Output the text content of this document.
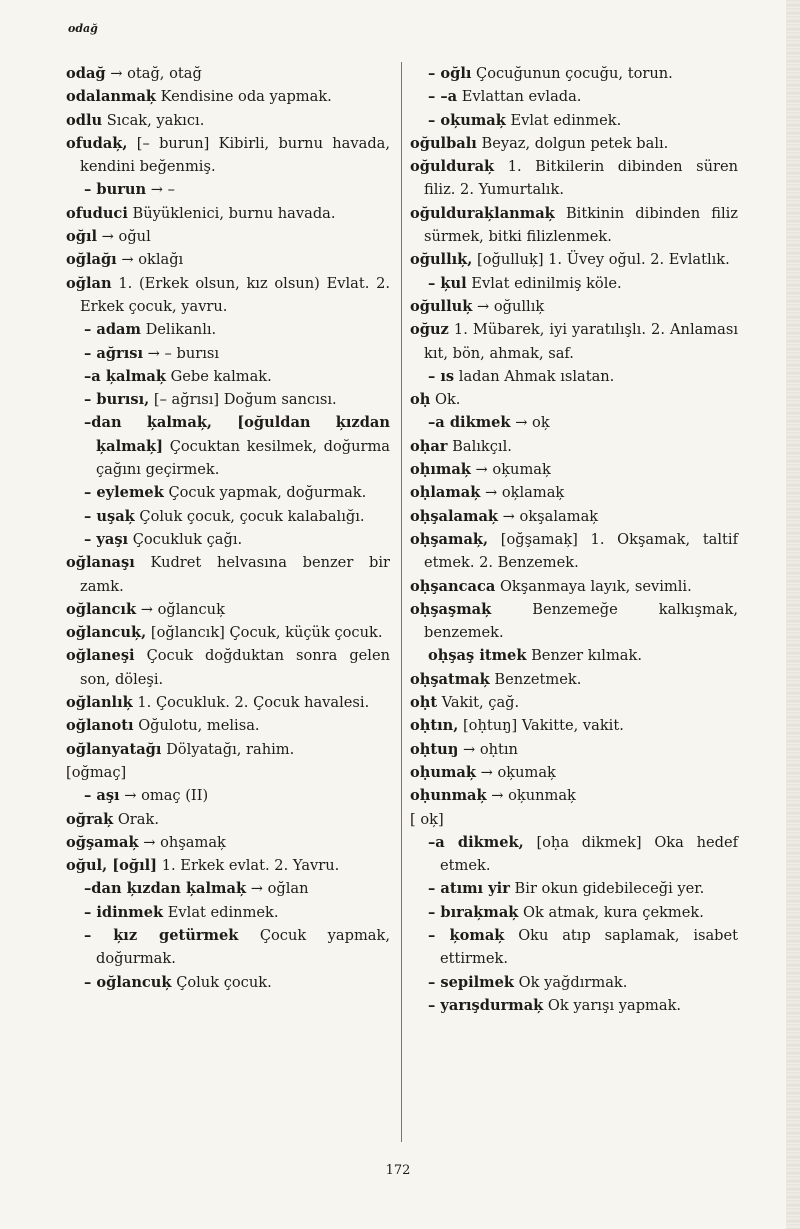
odağ
odağ → otağ, otağ
odalanmaķ Kendisine oda yapmak.
odlu Sıcak, yakıcı.
ofudaķ, [– burun] Kibirli, burnu havada, kendini beğenmiş.
– burun → –
ofuduci Büyüklenici, burnu havada.
oğıl → oğul
oğlağı → oklağı
oğlan 1. (Erkek olsun, kız olsun) Evlat. 2. Erkek çocuk, yavru.
– adam Delikanlı.
– ağrısı → – burısı
–a ķalmaķ Gebe kalmak.
– burısı, [– ağrısı] Doğum sancısı.
–dan ķalmaķ, [oğuldan ķızdan ķalmaķ] Çocuktan kesilmek, doğurma çağını geçirmek.
– eylemek Çocuk yapmak, doğurmak.
– uşaķ Çoluk çocuk, çocuk kalabalığı.
– yaşı Çocukluk çağı.
oğlanaşı Kudret helvasına benzer bir zamk.
oğlancık → oğlancuķ
oğlancuķ, [oğlancık] Çocuk, küçük çocuk.
oğlaneşi Çocuk doğduktan sonra gelen son, döleşi.
oğlanlıķ 1. Çocukluk. 2. Çocuk havalesi.
oğlanotı Oğulotu, melisa.
oğlanyatağı Dölyatağı, rahim.
[oğmaç]
– aşı → omaç (II)
oğraķ Orak.
oğşamaķ → ohşamaķ
oğul, [oğıl] 1. Erkek evlat. 2. Yavru.
–dan ķızdan ķalmaķ → oğlan
– idinmek Evlat edinmek.
– ķız getürmek Çocuk yapmak, doğurmak.
– oğlancuķ Çoluk çocuk.
– oğlı Çocuğunun çocuğu, torun.
– –a Evlattan evlada.
– oķumaķ Evlat edinmek.
oğulbalı Beyaz, dolgun petek balı.
oğulduraķ 1. Bitkilerin dibinden süren filiz. 2. Yumurtalık.
oğulduraķlanmaķ Bitkinin dibinden filiz sürmek, bitki filizlenmek.
oğullıķ, [oğulluķ] 1. Üvey oğul. 2. Evlatlık.
– ķul Evlat edinilmiş köle.
oğulluķ → oğullıķ
oğuz 1. Mübarek, iyi yaratılışlı. 2. Anlaması kıt, bön, ahmak, saf.
– ıs ladan Ahmak ıslatan.
oḥ Ok.
–a dikmek → oķ
oḥar Balıkçıl.
oḥımaķ → oķumaķ
oḥlamaķ → oķlamaķ
oḥşalamaķ → okşalamaķ
oḥşamaķ, [oğşamaķ] 1. Okşamak, taltif etmek. 2. Benzemek.
oḥşancaca Okşanmaya layık, sevimli.
oḥşaşmaķ	Benzemeğe kalkışmak, benzemek.
oḥşaş itmek Benzer kılmak.
oḥşatmaķ Benzetmek.
oḥt Vakit, çağ.
oḥtın, [oḥtuŋ] Vakitte, vakit.
oḥtuŋ → oḥtın
oḥumaķ → oķumaķ
oḥunmaķ → oķunmaķ
[ oķ]
–a dikmek, [oḥa dikmek] Oka hedef etmek.
– atımı yir Bir okun gidebileceği yer.
– bıraķmaķ Ok atmak, kura çekmek.
– ķomaķ Oku atıp saplamak, isabet ettirmek.
– sepilmek Ok yağdırmak.
– yarışdurmaķ Ok yarışı yapmak.
172
